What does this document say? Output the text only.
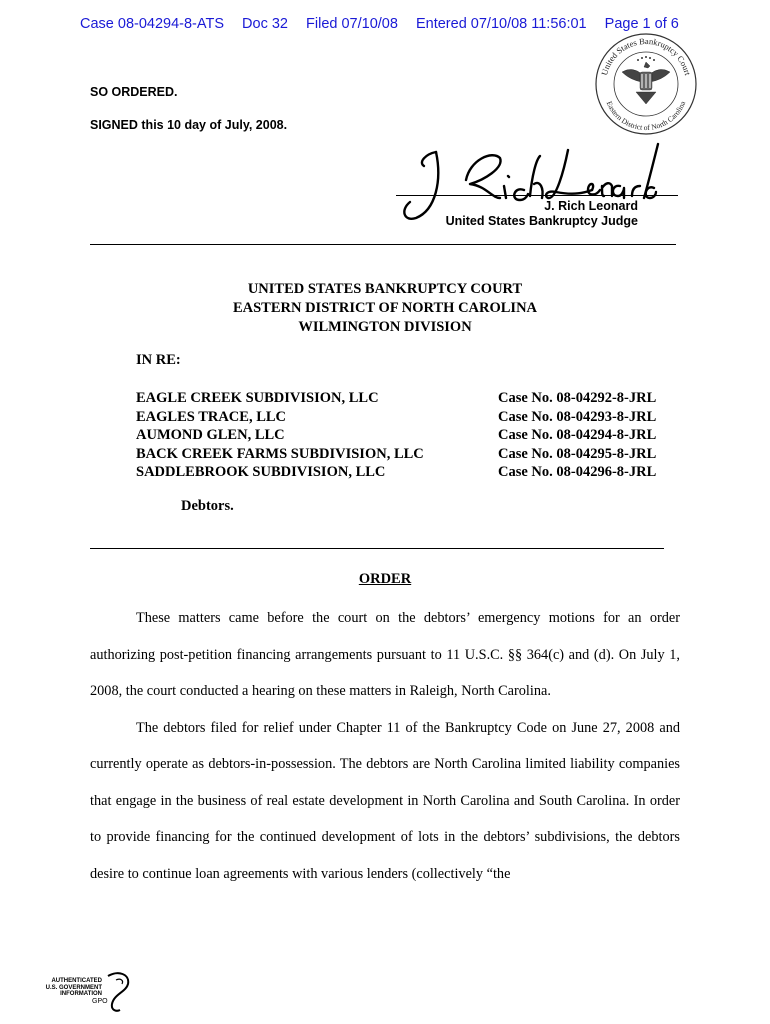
Case 08-04294-8-ATS Doc 32 Filed 07/10/08 Entered 07/10/08 11:56:01 Page 1 of 6
United States Bankruptcy Court
Eastern District of North Carolina
SO ORDERED.
SIGNED this 10 day of July, 2008.
J. Rich Leonard
United States Bankruptcy Judge
UNITED STATES BANKRUPTCY COURT
EASTERN DISTRICT OF NORTH CAROLINA
WILMINGTON DIVISION
IN RE:
EAGLE CREEK SUBDIVISION, LLC
EAGLES TRACE, LLC
AUMOND GLEN, LLC
BACK CREEK FARMS SUBDIVISION, LLC
SADDLEBROOK SUBDIVISION, LLC
Case No. 08-04292-8-JRL
Case No. 08-04293-8-JRL
Case No. 08-04294-8-JRL
Case No. 08-04295-8-JRL
Case No. 08-04296-8-JRL
Debtors.
ORDER

These matters came before the court on the debtors’ emergency motions for an order authorizing post-petition financing arrangements pursuant to 11 U.S.C. §§ 364(c) and (d). On July 1, 2008, the court conducted a hearing on these matters in Raleigh, North Carolina.

The debtors filed for relief under Chapter 11 of the Bankruptcy Code on June 27, 2008 and currently operate as debtors-in-possession. The debtors are North Carolina limited liability companies that engage in the business of real estate development in North Carolina and South Carolina. In order to provide financing for the continued development of lots in the debtors’ subdivisions, the debtors desire to continue loan agreements with various lenders (collectively “the

AUTHENTICATED
U.S. GOVERNMENT
INFORMATION
GPO
